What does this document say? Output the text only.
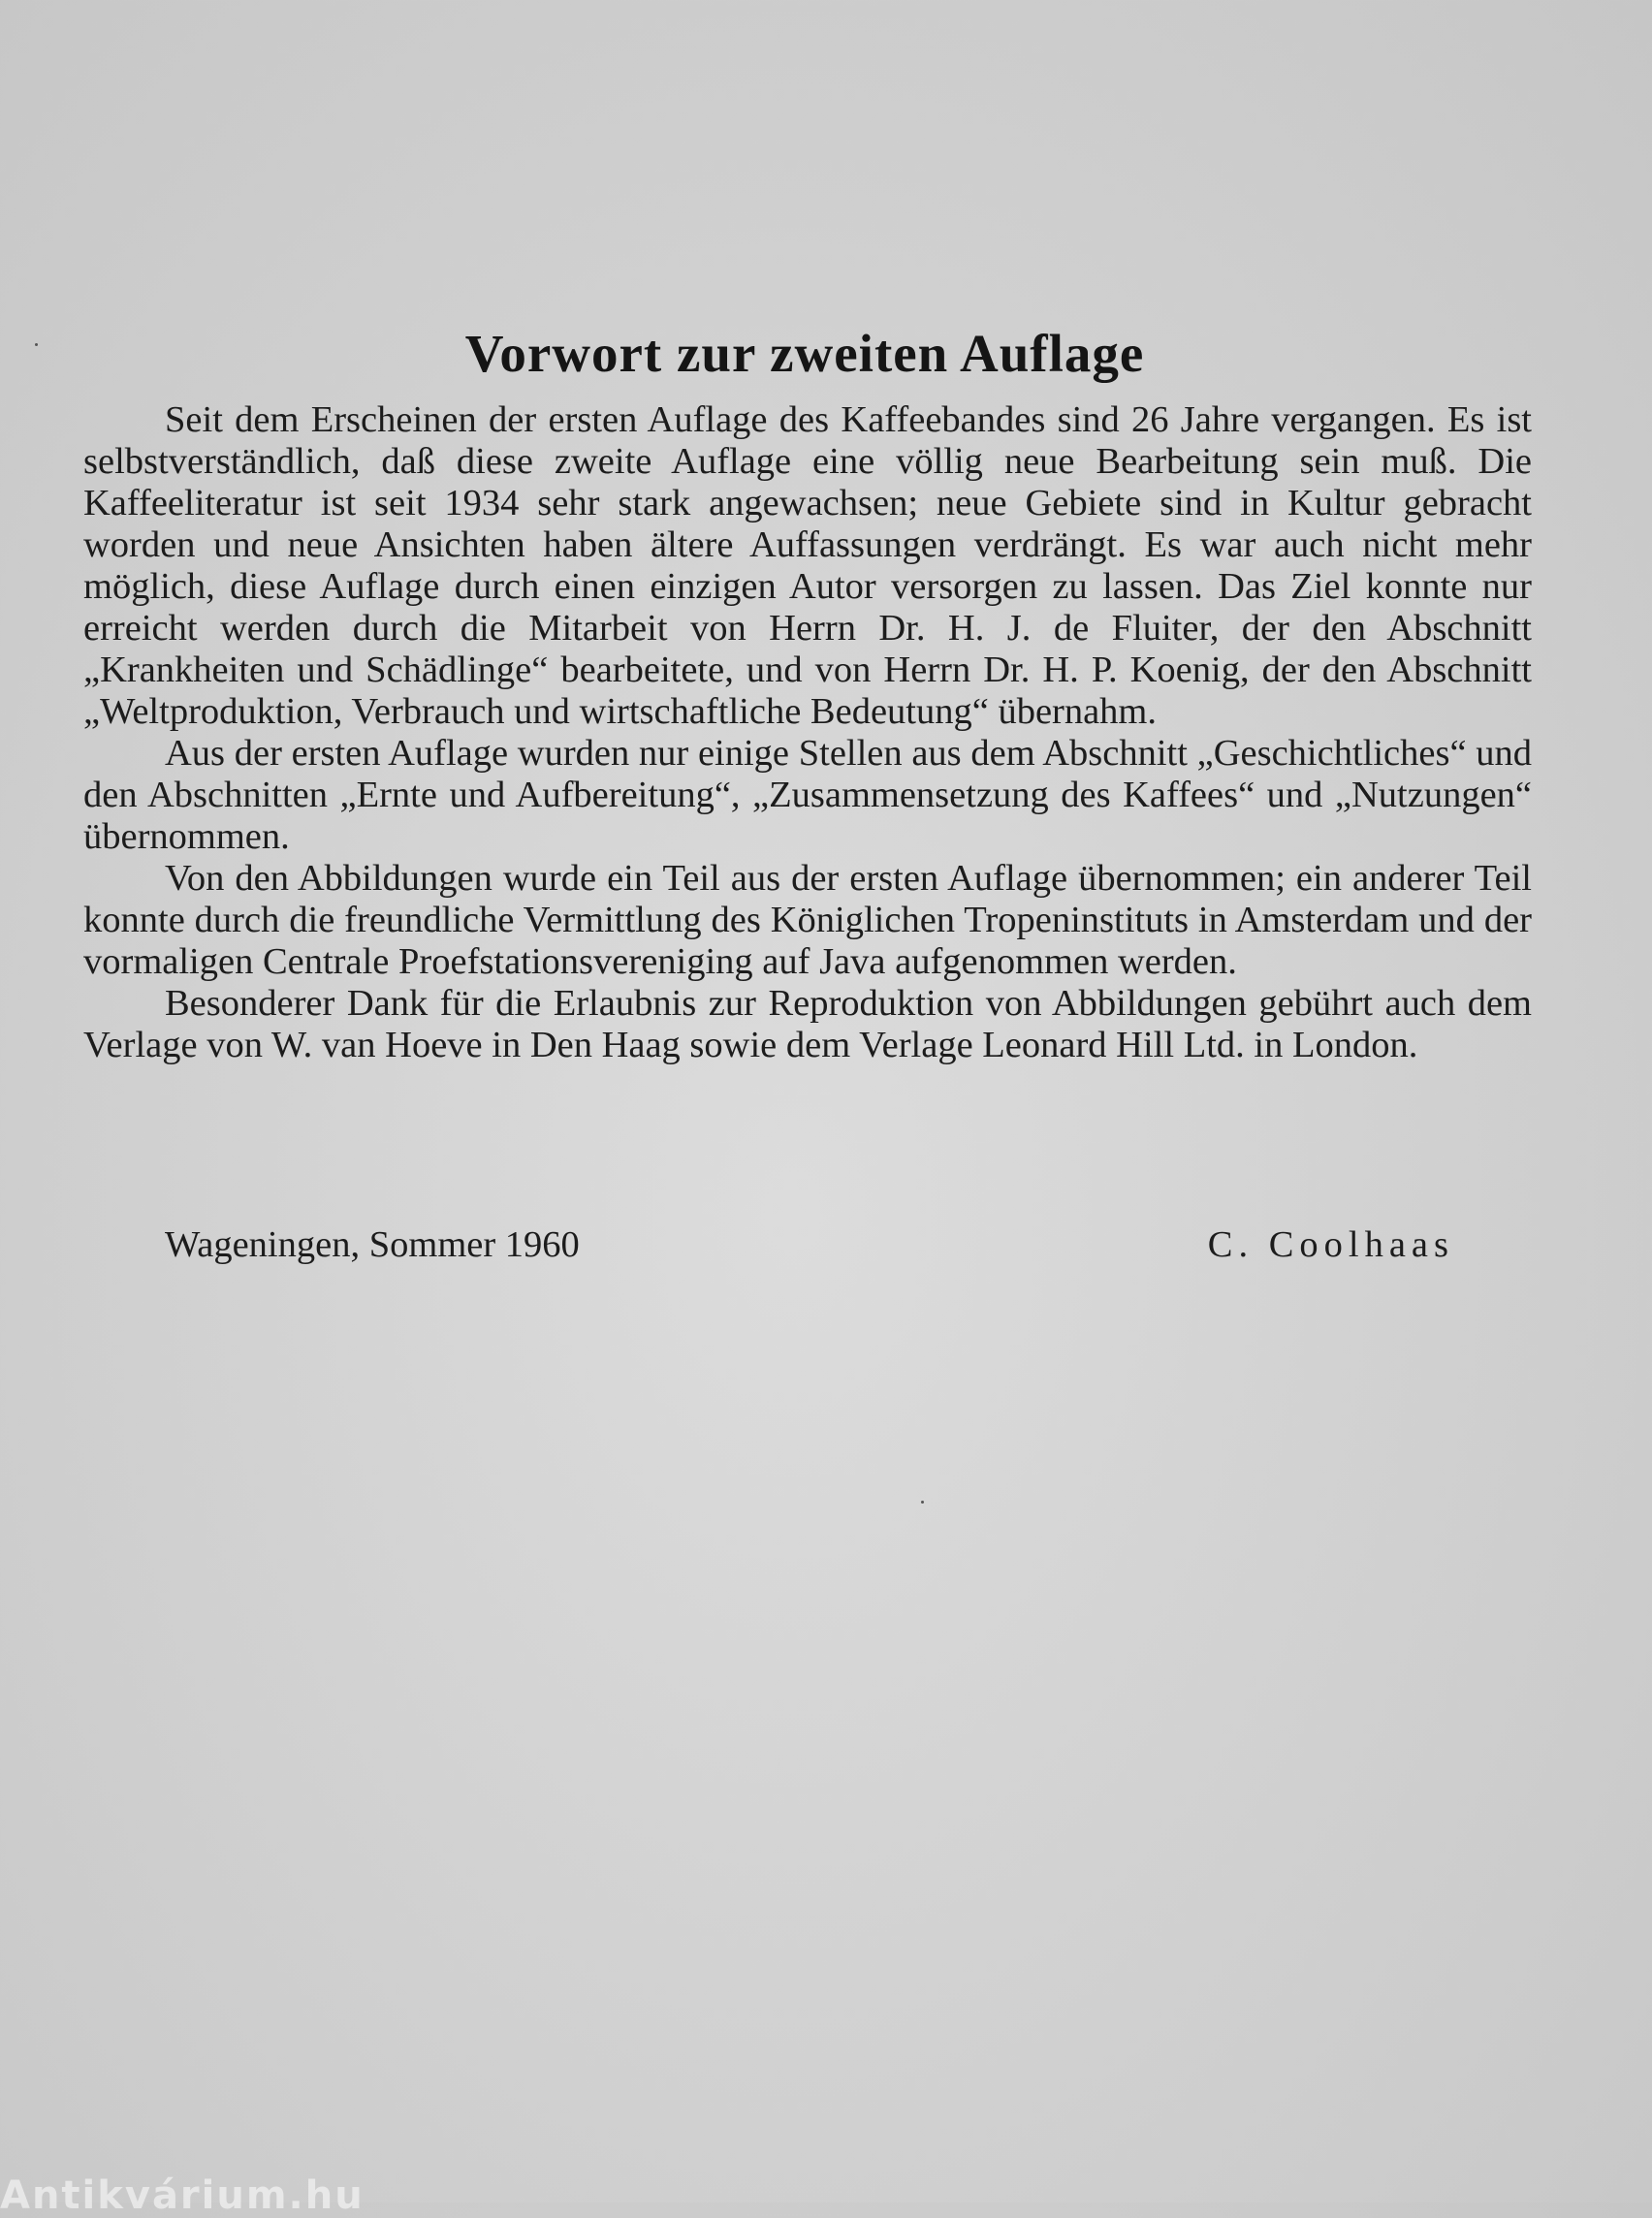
Vorwort zur zweiten Auflage

Seit dem Erscheinen der ersten Auflage des Kaffeebandes sind 26 Jahre vergangen. Es ist selbstverständlich, daß diese zweite Auflage eine völlig neue Bearbeitung sein muß. Die Kaffeeliteratur ist seit 1934 sehr stark angewachsen; neue Gebiete sind in Kultur gebracht worden und neue Ansichten haben ältere Auffassungen verdrängt. Es war auch nicht mehr möglich, diese Auflage durch einen einzigen Autor versorgen zu lassen. Das Ziel konnte nur erreicht werden durch die Mitarbeit von Herrn Dr. H. J. de Fluiter, der den Abschnitt „Krankheiten und Schädlinge“ bearbeitete, und von Herrn Dr. H. P. Koenig, der den Abschnitt „Weltproduktion, Verbrauch und wirtschaftliche Bedeutung“ übernahm.

Aus der ersten Auflage wurden nur einige Stellen aus dem Abschnitt „Geschichtliches“ und den Abschnitten „Ernte und Aufbereitung“, „Zusammensetzung des Kaffees“ und „Nutzungen“ übernommen.

Von den Abbildungen wurde ein Teil aus der ersten Auflage übernommen; ein anderer Teil konnte durch die freundliche Vermittlung des Königlichen Tropeninstituts in Amsterdam und der vormaligen Centrale Proefstationsvereniging auf Java aufgenommen werden.

Besonderer Dank für die Erlaubnis zur Reproduktion von Abbildungen gebührt auch dem Verlage von W. van Hoeve in Den Haag sowie dem Verlage Leonard Hill Ltd. in London.

Wageningen, Sommer 1960	C. Coolhaas
Antikvárium.hu
